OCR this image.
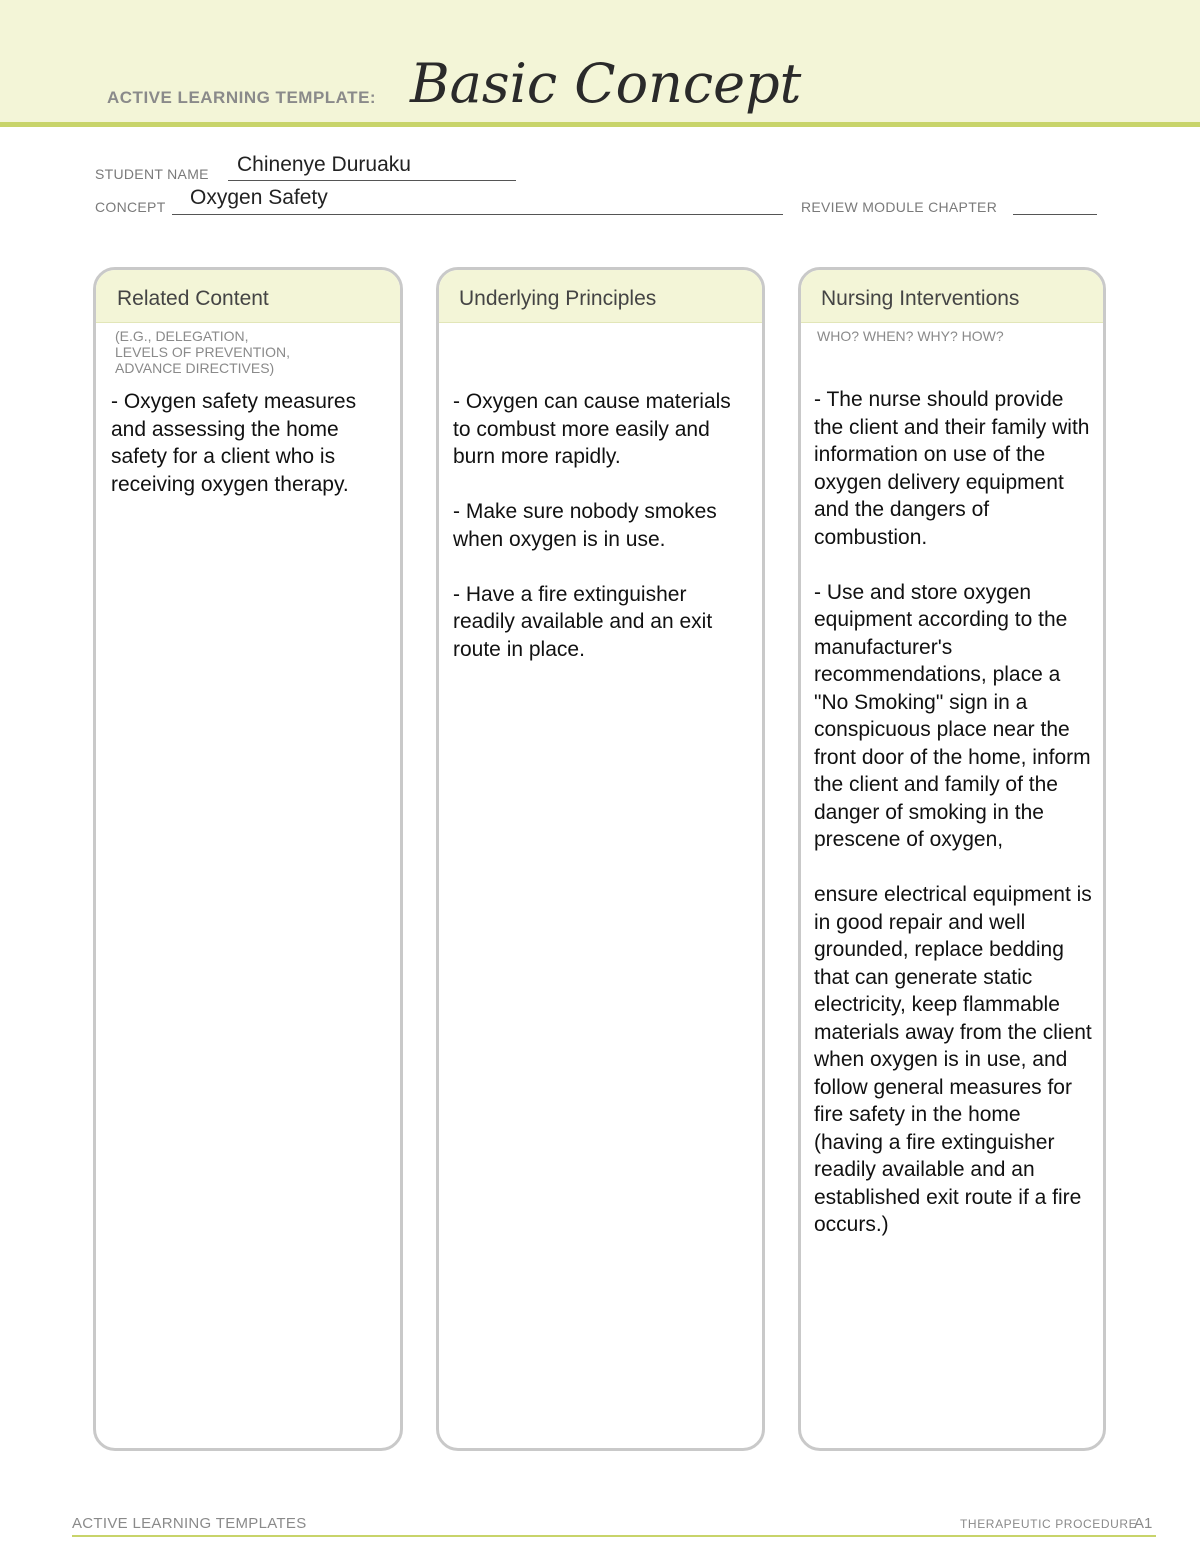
ACTIVE LEARNING TEMPLATE: Basic Concept
STUDENT NAME Chinenye Duruaku
CONCEPT Oxygen Safety	REVIEW MODULE CHAPTER
Related Content
(E.G., DELEGATION,
LEVELS OF PREVENTION,
ADVANCE DIRECTIVES)

- Oxygen safety measures and assessing the home safety for a client who is receiving oxygen therapy.

Underlying Principles

- Oxygen can cause materials to combust more easily and burn more rapidly.

- Make sure nobody smokes when oxygen is in use.

- Have a fire extinguisher readily available and an exit route in place.

Nursing Interventions
WHO? WHEN? WHY? HOW?

- The nurse should provide the client and their family with information on use of the oxygen delivery equipment and the dangers of combustion.

- Use and store oxygen equipment according to the manufacturer's recommendations, place a "No Smoking" sign in a conspicuous place near the front door of the home, inform the client and family of the danger of smoking in the prescene of oxygen,

ensure electrical equipment is in good repair and well grounded, replace bedding that can generate static electricity, keep flammable materials away from the client when oxygen is in use, and follow general measures for fire safety in the home (having a fire extinguisher readily available and an established exit route if a fire occurs.)

ACTIVE LEARNING TEMPLATES	THERAPEUTIC PROCEDURE
A1
